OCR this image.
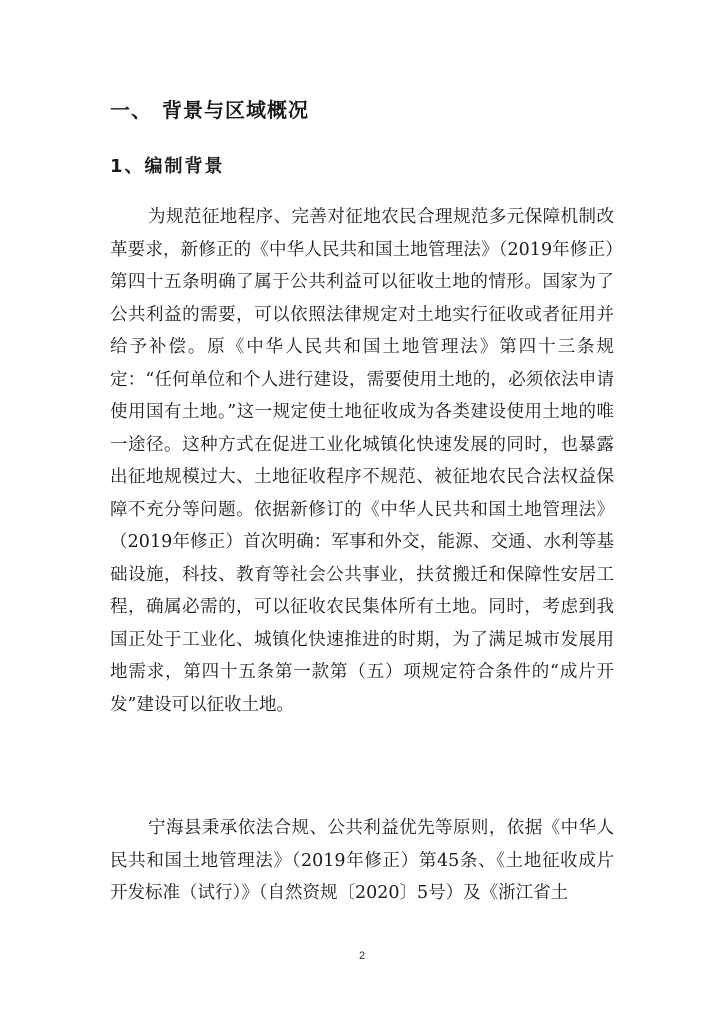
一、 背景与区域概况
1、编制背景

为规范征地程序、完善对征地农民合理规范多元保障机制改革要求，新修正的《中华人民共和国土地管理法》（2019年修正）第四十五条明确了属于公共利益可以征收土地的情形。国家为了公共利益的需要，可以依照法律规定对土地实行征收或者征用并给予补偿。原《中华人民共和国土地管理法》第四十三条规定：“任何单位和个人进行建设，需要使用土地的，必须依法申请使用国有土地。”这一规定使土地征收成为各类建设使用土地的唯一途径。这种方式在促进工业化城镇化快速发展的同时，也暴露出征地规模过大、土地征收程序不规范、被征地农民合法权益保障不充分等问题。依据新修订的《中华人民共和国土地管理法》（2019年修正）首次明确：军事和外交，能源、交通、水利等基础设施，科技、教育等社会公共事业，扶贫搬迁和保障性安居工程，确属必需的，可以征收农民集体所有土地。同时，考虑到我国正处于工业化、城镇化快速推进的时期，为了满足城市发展用地需求，第四十五条第一款第（五）项规定符合条件的“成片开发”建设可以征收土地。

宁海县秉承依法合规、公共利益优先等原则，依据《中华人民共和国土地管理法》（2019年修正）第45条、《土地征收成片开发标准（试行）》（自然资规〔2020〕5号）及《浙江省土

2
